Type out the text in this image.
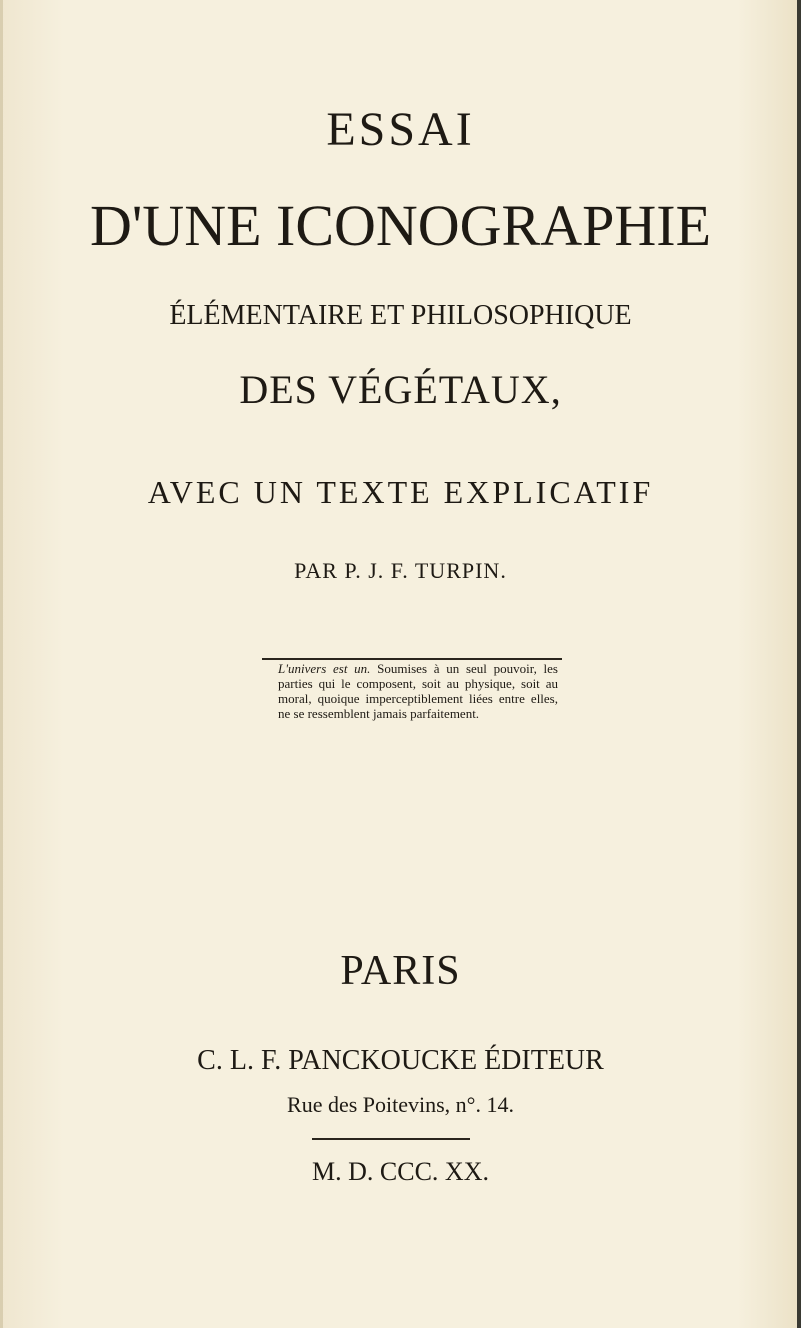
ESSAI
D'UNE ICONOGRAPHIE
ÉLÉMENTAIRE ET PHILOSOPHIQUE
DES VÉGÉTAUX,
AVEC UN TEXTE EXPLICATIF
PAR P. J. F. TURPIN.
L'univers est un. Soumises à un seul pouvoir, les parties qui le composent, soit au physique, soit au moral, quoique imperceptiblement liées entre elles, ne se ressemblent jamais parfaitement.
PARIS
C. L. F. PANCKOUCKE ÉDITEUR
Rue des Poitevins, n°. 14.
M. D. CCC. XX.
